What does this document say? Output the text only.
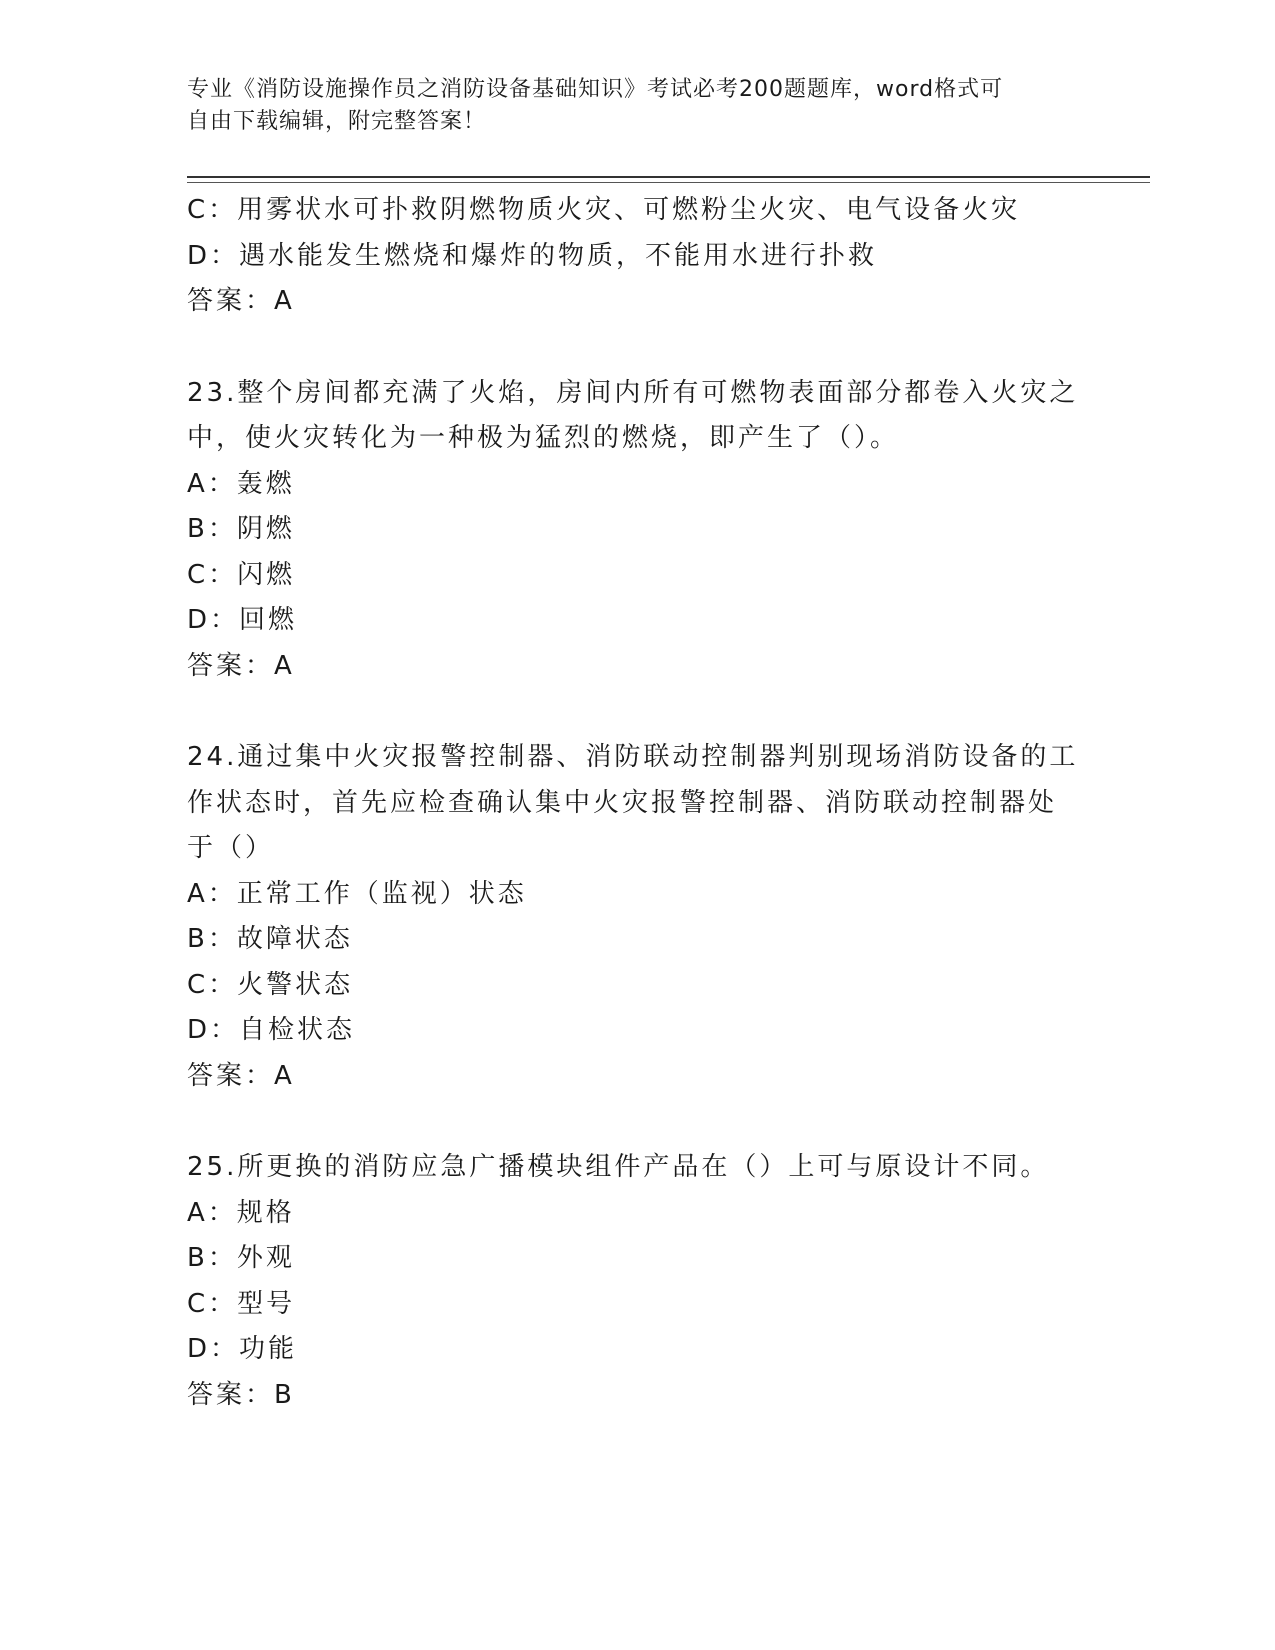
专业《消防设施操作员之消防设备基础知识》考试必考200题题库，word格式可
自由下载编辑，附完整答案！
C：用雾状水可扑救阴燃物质火灾、可燃粉尘火灾、电气设备火灾
D：遇水能发生燃烧和爆炸的物质，不能用水进行扑救
答案：A
23.整个房间都充满了火焰，房间内所有可燃物表面部分都卷入火灾之
中，使火灾转化为一种极为猛烈的燃烧，即产生了（）。
A：轰燃
B：阴燃
C：闪燃
D：回燃
答案：A
24.通过集中火灾报警控制器、消防联动控制器判别现场消防设备的工
作状态时，首先应检查确认集中火灾报警控制器、消防联动控制器处
于（）
A：正常工作（监视）状态
B：故障状态
C：火警状态
D：自检状态
答案：A
25.所更换的消防应急广播模块组件产品在（）上可与原设计不同。
A：规格
B：外观
C：型号
D：功能
答案：B
